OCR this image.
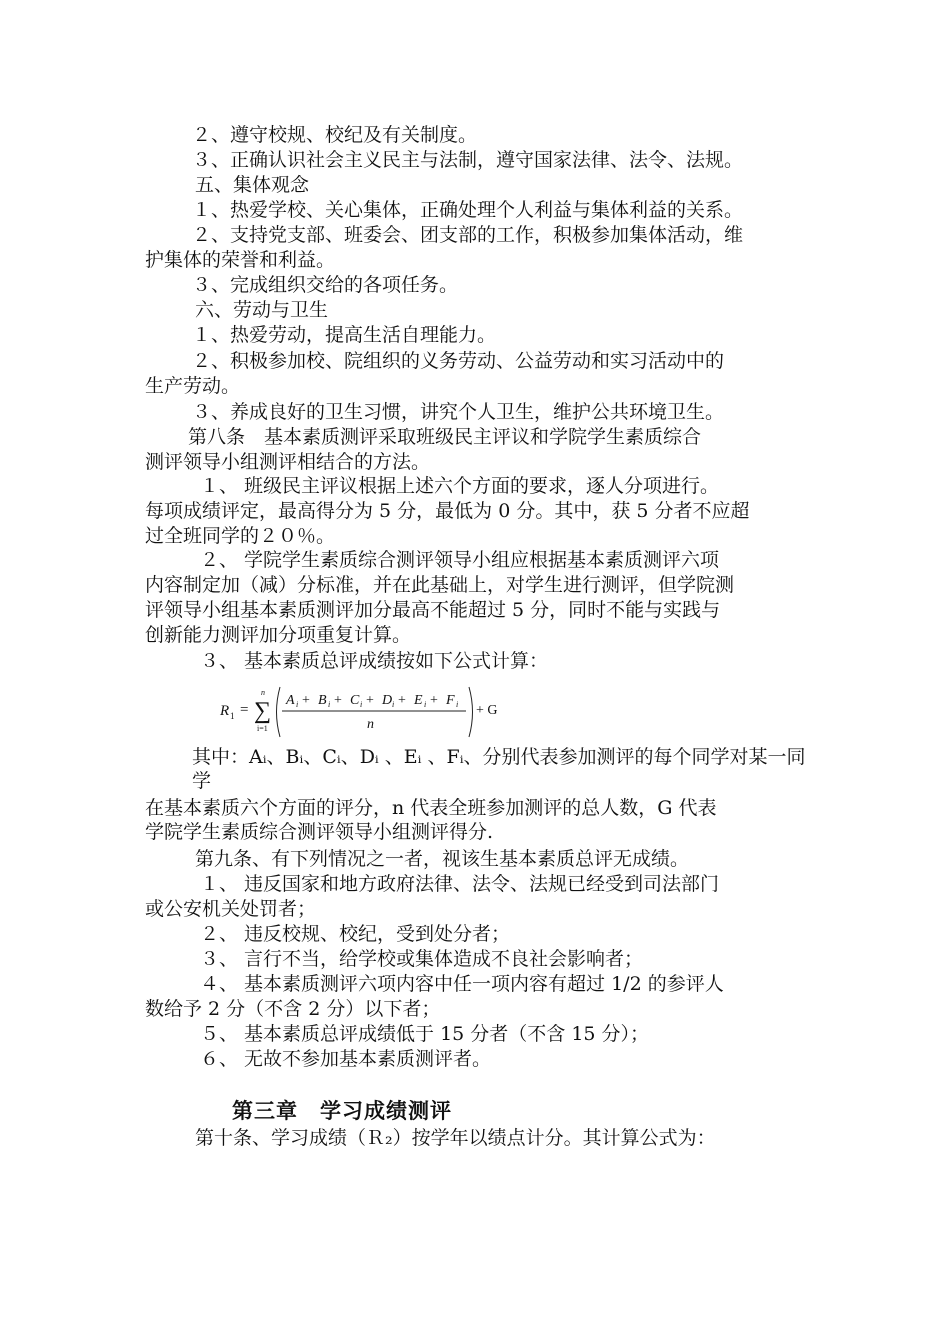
２、遵守校规、校纪及有关制度。
３、正确认识社会主义民主与法制，遵守国家法律、法令、法规。
五、集体观念
１、热爱学校、关心集体，正确处理个人利益与集体利益的关系。
２、支持党支部、班委会、团支部的工作，积极参加集体活动，维
护集体的荣誉和利益。
３、完成组织交给的各项任务。
六、劳动与卫生
１、热爱劳动，提高生活自理能力。
２、积极参加校、院组织的义务劳动、公益劳动和实习活动中的
生产劳动。
３、养成良好的卫生习惯，讲究个人卫生，维护公共环境卫生。
第八条　基本素质测评采取班级民主评议和学院学生素质综合
测评领导小组测评相结合的方法。
１、 班级民主评议根据上述六个方面的要求，逐人分项进行。
每项成绩评定，最高得分为 5 分，最低为 0 分。其中，获 5 分者不应超
过全班同学的２０％。
２、 学院学生素质综合测评领导小组应根据基本素质测评六项
内容制定加（减）分标准，并在此基础上，对学生进行测评，但学院测
评领导小组基本素质测评加分最高不能超过 5 分，同时不能与实践与
创新能力测评加分项重复计算。
３、 基本素质总评成绩按如下公式计算：
其中：Aᵢ、Bᵢ、Cᵢ、Dᵢ 、Eᵢ 、Fᵢ、分别代表参加测评的每个同学对某一同
学
在基本素质六个方面的评分，n 代表全班参加测评的总人数，G 代表
学院学生素质综合测评领导小组测评得分.
第九条、有下列情况之一者，视该生基本素质总评无成绩。
１、 违反国家和地方政府法律、法令、法规已经受到司法部门
或公安机关处罚者；
２、 违反校规、校纪，受到处分者；
３、 言行不当，给学校或集体造成不良社会影响者；
４、 基本素质测评六项内容中任一项内容有超过 1/2 的参评人
数给予 2 分（不含 2 分）以下者；
５、 基本素质总评成绩低于 15 分者（不含 15 分）；
６、 无故不参加基本素质测评者。
R 1 = ∑
n
i=1
A i + B i + C i + D i + E i + F i
n
+ G
第三章　学习成绩测评
第十条、学习成绩（Ｒ₂）按学年以绩点计分。其计算公式为：
